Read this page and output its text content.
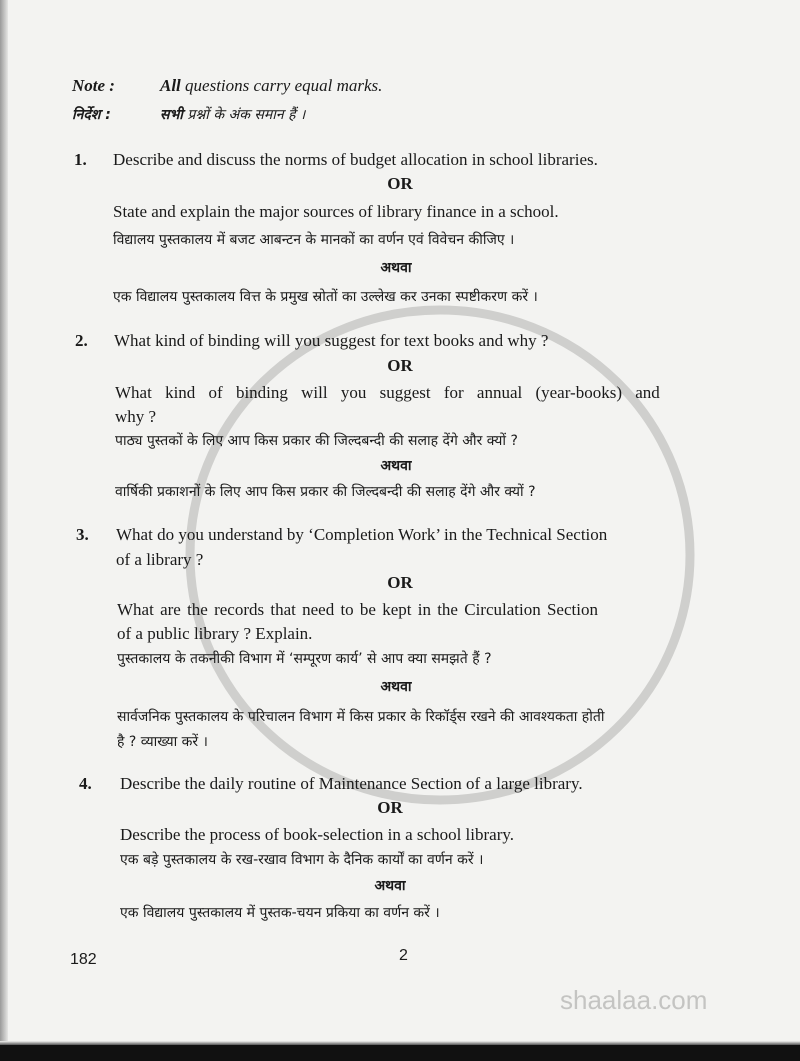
shaalaa.com
Note :	All questions carry equal marks.
निर्देश :	सभी प्रश्नों के अंक समान हैं ।
1. Describe and discuss the norms of budget allocation in school libraries.
OR
State and explain the major sources of library finance in a school.
विद्यालय पुस्तकालय में बजट आबन्टन के मानकों का वर्णन एवं विवेचन कीजिए ।
अथवा
एक विद्यालय पुस्तकालय वित्त के प्रमुख स्रोतों का उल्लेख कर उनका स्पष्टीकरण करें ।
2. What kind of binding will you suggest for text books and why ?
OR
What kind of binding will you suggest for annual (year-books) and
why ?
पाठ्य पुस्तकों के लिए आप किस प्रकार की जिल्दबन्दी की सलाह देंगे और क्यों ?
अथवा
वार्षिकी प्रकाशनों के लिए आप किस प्रकार की जिल्दबन्दी की सलाह देंगे और क्यों ?
3. What do you understand by ‘Completion Work’ in the Technical Section
of a library ?
OR
What are the records that need to be kept in the Circulation Section
of a public library ? Explain.
पुस्तकालय के तकनीकी विभाग में ‘सम्पूरण कार्य’ से आप क्या समझते हैं ?
अथवा
सार्वजनिक पुस्तकालय के परिचालन विभाग में किस प्रकार के रिकॉर्ड्स रखने की आवश्यकता होती
है ? व्याख्या करें ।
4. Describe the daily routine of Maintenance Section of a large library.
OR
Describe the process of book-selection in a school library.
एक बड़े पुस्तकालय के रख-रखाव विभाग के दैनिक कार्यों का वर्णन करें ।
अथवा
एक विद्यालय पुस्तकालय में पुस्तक-चयन प्रकिया का वर्णन करें ।
182	2
